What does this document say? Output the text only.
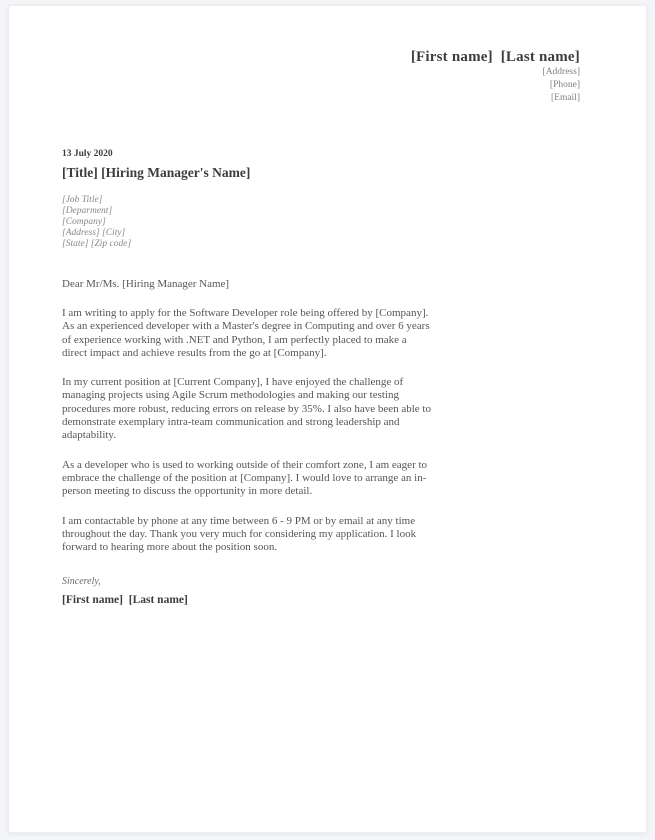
[First name]  [Last name]
[Address]
[Phone]
[Email]
13 July 2020
[Title] [Hiring Manager's Name]
[Job Title]
[Deparment]
[Company]
[Address] [City]
[State] [Zip code]

Dear Mr/Ms. [Hiring Manager Name]

I am writing to apply for the Software Developer role being offered by [Company]. As an experienced developer with a Master's degree in Computing and over 6 years of experience working with .NET and Python, I am perfectly placed to make a direct impact and achieve results from the go at [Company].

In my current position at [Current Company], I have enjoyed the challenge of managing projects using Agile Scrum methodologies and making our testing procedures more robust, reducing errors on release by 35%. I also have been able to demonstrate exemplary intra-team communication and strong leadership and adaptability.

As a developer who is used to working outside of their comfort zone, I am eager to embrace the challenge of the position at [Company]. I would love to arrange an in-person meeting to discuss the opportunity in more detail.

I am contactable by phone at any time between 6 - 9 PM or by email at any time throughout the day. Thank you very much for considering my application. I look forward to hearing more about the position soon.

Sincerely,

[First name]  [Last name]
